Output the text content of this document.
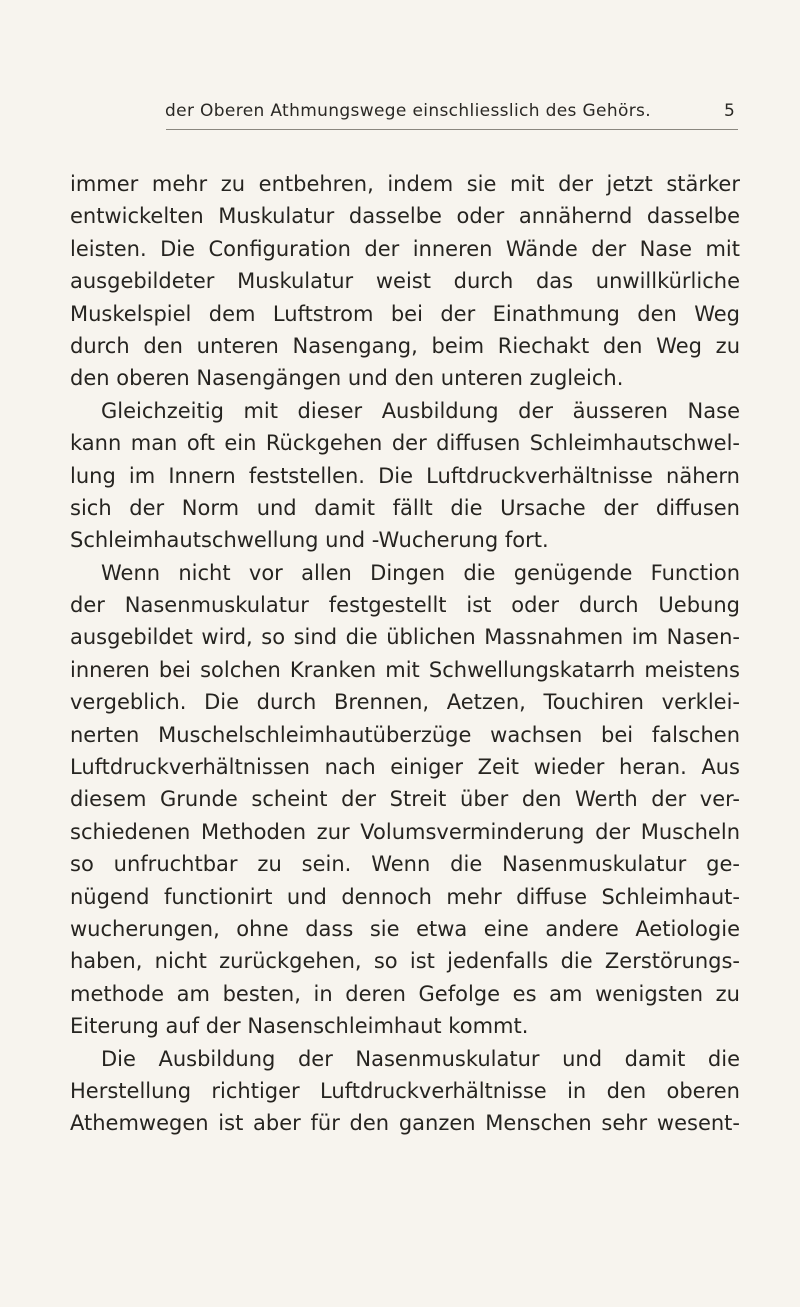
der Oberen Athmungswege einschliesslich des Gehörs.	5
immer mehr zu entbehren, indem sie mit der jetzt stärker
entwickelten Muskulatur dasselbe oder annähernd dasselbe
leisten. Die Configuration der inneren Wände der Nase mit
ausgebildeter Muskulatur weist durch das unwillkürliche
Muskelspiel dem Luftstrom bei der Einathmung den Weg
durch den unteren Nasengang, beim Riechakt den Weg zu
den oberen Nasengängen und den unteren zugleich.
Gleichzeitig mit dieser Ausbildung der äusseren Nase
kann man oft ein Rückgehen der diffusen Schleimhautschwel-
lung im Innern feststellen. Die Luftdruckverhältnisse nähern
sich der Norm und damit fällt die Ursache der diffusen
Schleimhautschwellung und -Wucherung fort.
Wenn nicht vor allen Dingen die genügende Function
der Nasenmuskulatur festgestellt ist oder durch Uebung
ausgebildet wird, so sind die üblichen Massnahmen im Nasen-
inneren bei solchen Kranken mit Schwellungskatarrh meistens
vergeblich. Die durch Brennen, Aetzen, Touchiren verklei-
nerten Muschelschleimhautüberzüge wachsen bei falschen
Luftdruckverhältnissen nach einiger Zeit wieder heran. Aus
diesem Grunde scheint der Streit über den Werth der ver-
schiedenen Methoden zur Volumsverminderung der Muscheln
so unfruchtbar zu sein. Wenn die Nasenmuskulatur ge-
nügend functionirt und dennoch mehr diffuse Schleimhaut-
wucherungen, ohne dass sie etwa eine andere Aetiologie
haben, nicht zurückgehen, so ist jedenfalls die Zerstörungs-
methode am besten, in deren Gefolge es am wenigsten zu
Eiterung auf der Nasenschleimhaut kommt.
Die Ausbildung der Nasenmuskulatur und damit die
Herstellung richtiger Luftdruckverhältnisse in den oberen
Athemwegen ist aber für den ganzen Menschen sehr wesent-
